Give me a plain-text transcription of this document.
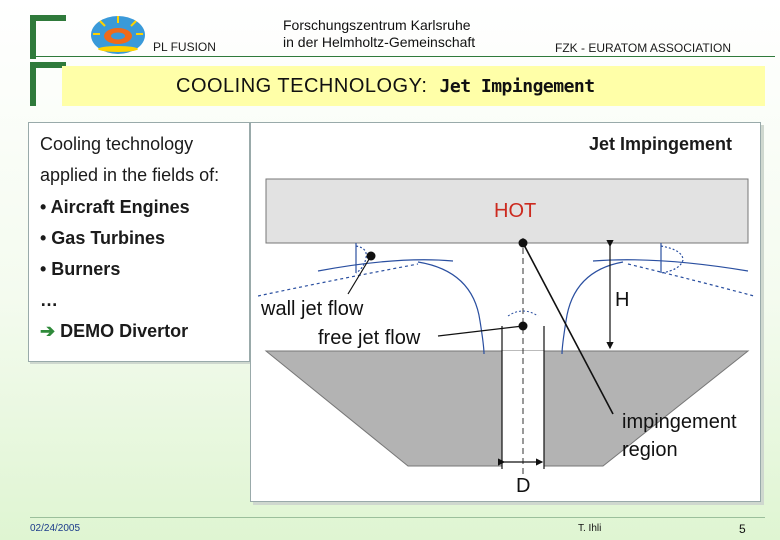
PL FUSION
Forschungszentrum Karlsruhe
in der Helmholtz-Gemeinschaft	FZK - EURATOM ASSOCIATION
COOLING TECHNOLOGY: Jet Impingement
Cooling technology
applied in the fields of:
• Aircraft Engines
• Gas Turbines
• Burners
…
➔ DEMO Divertor
Jet Impingement
HOT
wall jet flow
free jet flow
H
impingement
region
D
02/24/2005	T. Ihli	5
